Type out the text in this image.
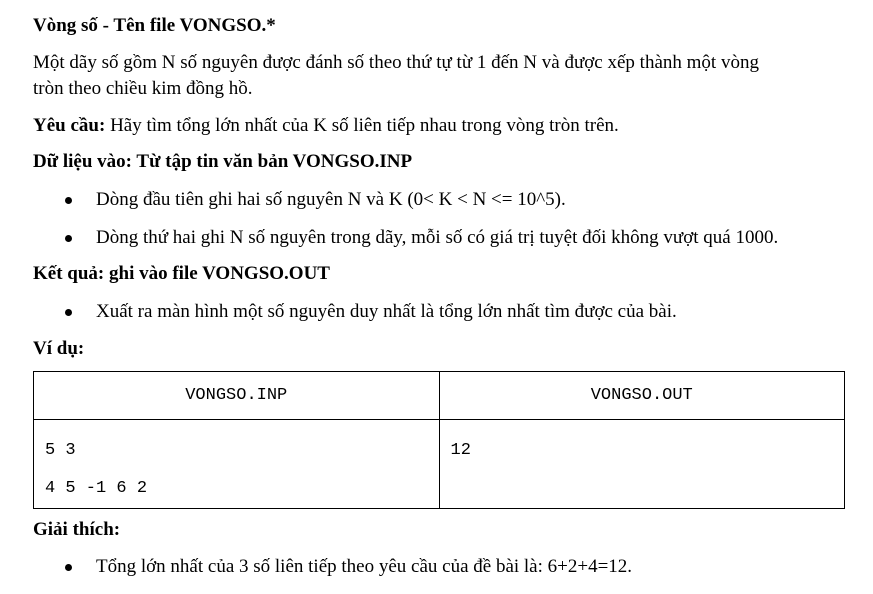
Vòng số - Tên file VONGSO.*
Một dãy số gồm N số nguyên được đánh số theo thứ tự từ 1 đến N và được xếp thành một vòng
tròn theo chiều kim đồng hồ.
Yêu cầu: Hãy tìm tổng lớn nhất của K số liên tiếp nhau trong vòng tròn trên.
Dữ liệu vào: Từ tập tin văn bản VONGSO.INP
Dòng đầu tiên ghi hai số nguyên N và K (0< K < N <= 10^5).
Dòng thứ hai ghi N số nguyên trong dãy, mỗi số có giá trị tuyệt đối không vượt quá 1000.
Kết quả: ghi vào file VONGSO.OUT
Xuất ra màn hình một số nguyên duy nhất là tổng lớn nhất tìm được của bài.
Ví dụ:
VONGSO.INP	VONGSO.OUT

5 3
4 5 -1 6 2	12
Giải thích:
Tổng lớn nhất của 3 số liên tiếp theo yêu cầu của đề bài là: 6+2+4=12.
